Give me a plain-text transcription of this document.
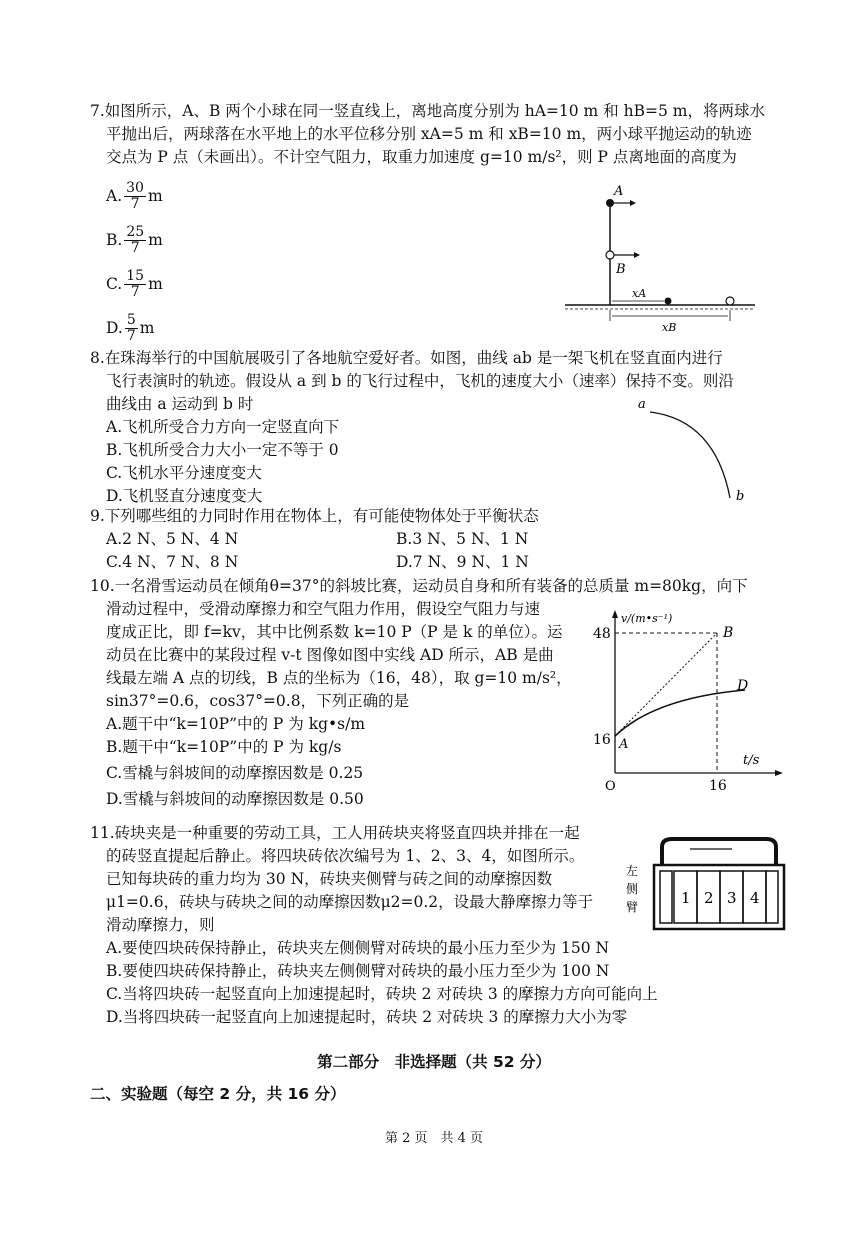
7.如图所示，A、B 两个小球在同一竖直线上，离地高度分别为 hA=10 m 和 hB=5 m，将两球水

平抛出后，两球落在水平地上的水平位移分别 xA=5 m 和 xB=10 m，两小球平抛运动的轨迹

交点为 P 点（未画出）。不计空气阻力，取重力加速度 g=10 m/s²，则 P 点离地面的高度为

A. $\frac{30}{7}$ m
B. $\frac{25}{7}$ m
C. $\frac{15}{7}$ m
D. $\frac{5}{7}$ m
A
B
xA
xB

8.在珠海举行的中国航展吸引了各地航空爱好者。如图，曲线 ab 是一架飞机在竖直面内进行

飞行表演时的轨迹。假设从 a 到 b 的飞行过程中，飞机的速度大小（速率）保持不变。则沿

曲线由 a 运动到 b 时

A.飞机所受合力方向一定竖直向下

B.飞机所受合力大小一定不等于 0

C.飞机水平分速度变大

D.飞机竖直分速度变大

a
b

9.下列哪些组的力同时作用在物体上，有可能使物体处于平衡状态

A.2 N、5 N、4 N	B.3 N、5 N、1 N
C.4 N、7 N、8 N	D.7 N、9 N、1 N

10.一名滑雪运动员在倾角θ=37°的斜坡比赛，运动员自身和所有装备的总质量 m=80kg，向下

滑动过程中，受滑动摩擦力和空气阻力作用，假设空气阻力与速

度成正比，即 f=kv，其中比例系数 k=10 P（P 是 k 的单位）。运

动员在比赛中的某段过程 v-t 图像如图中实线 AD 所示，AB 是曲

线最左端 A 点的切线，B 点的坐标为（16，48），取 g=10 m/s²，

sin37°=0.6，cos37°=0.8，下列正确的是

A.题干中“k=10P”中的 P 为 kg•s/m

B.题干中“k=10P”中的 P 为 kg/s

C.雪橇与斜坡间的动摩擦因数是 0.25

D.雪橇与斜坡间的动摩擦因数是 0.50

v/(m•s⁻¹)
t/s
48
16
16
O
A
B
D

11.砖块夹是一种重要的劳动工具，工人用砖块夹将竖直四块并排在一起

的砖竖直提起后静止。将四块砖依次编号为 1、2、3、4，如图所示。

已知每块砖的重力均为 30 N，砖块夹侧臂与砖之间的动摩擦因数

μ1=0.6，砖块与砖块之间的动摩擦因数μ2=0.2，设最大静摩擦力等于

滑动摩擦力，则

A.要使四块砖保持静止，砖块夹左侧侧臂对砖块的最小压力至少为 150 N

B.要使四块砖保持静止，砖块夹左侧侧臂对砖块的最小压力至少为 100 N

C.当将四块砖一起竖直向上加速提起时，砖块 2 对砖块 3 的摩擦力方向可能向上

D.当将四块砖一起竖直向上加速提起时，砖块 2 对砖块 3 的摩擦力大小为零

左
侧
臂	1 2 3 4
第二部分　非选择题（共 52 分）
二、实验题（每空 2 分，共 16 分）
第 2 页　共 4 页
